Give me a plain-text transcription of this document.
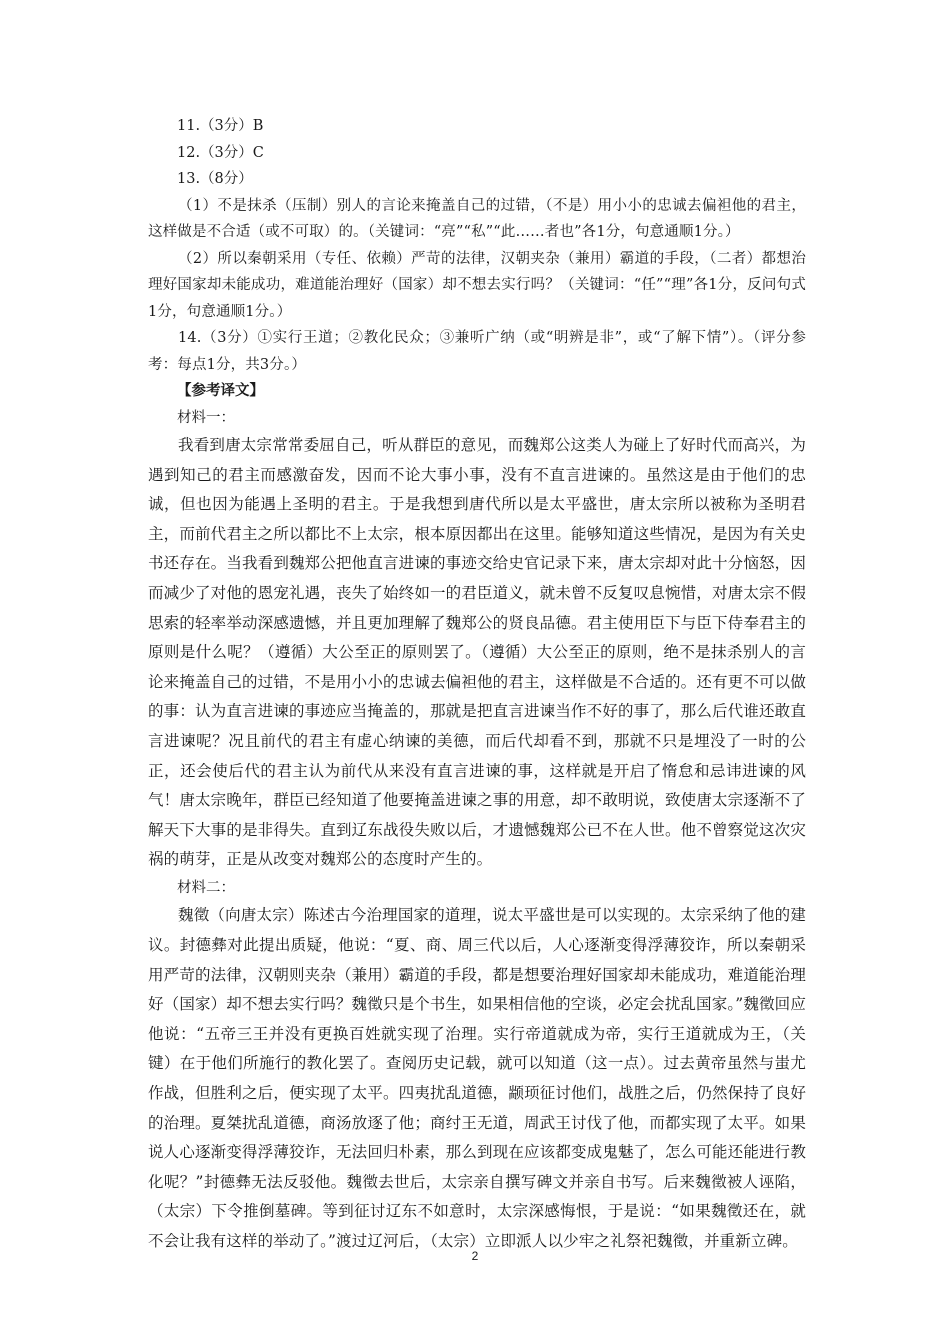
11.（3分）B

12.（3分）C

13.（8分）

（1）不是抹杀（压制）别人的言论来掩盖自己的过错，（不是）用小小的忠诚去偏袒他的君主，这样做是不合适（或不可取）的。（关键词：“亮”“私”“此……者也”各1分，句意通顺1分。）

（2）所以秦朝采用（专任、依赖）严苛的法律，汉朝夹杂（兼用）霸道的手段，（二者）都想治理好国家却未能成功，难道能治理好（国家）却不想去实行吗？（关键词：“任”“理”各1分，反问句式1分，句意通顺1分。）

14.（3分）①实行王道；②教化民众；③兼听广纳（或“明辨是非”，或“了解下情”）。（评分参考：每点1分，共3分。）

【参考译文】

材料一：

我看到唐太宗常常委屈自己，听从群臣的意见，而魏郑公这类人为碰上了好时代而高兴，为遇到知己的君主而感激奋发，因而不论大事小事，没有不直言进谏的。虽然这是由于他们的忠诚，但也因为能遇上圣明的君主。于是我想到唐代所以是太平盛世，唐太宗所以被称为圣明君主，而前代君主之所以都比不上太宗，根本原因都出在这里。能够知道这些情况，是因为有关史书还存在。当我看到魏郑公把他直言进谏的事迹交给史官记录下来，唐太宗却对此十分恼怒，因而减少了对他的恩宠礼遇，丧失了始终如一的君臣道义，就未曾不反复叹息惋惜，对唐太宗不假思索的轻率举动深感遗憾，并且更加理解了魏郑公的贤良品德。君主使用臣下与臣下侍奉君主的原则是什么呢？（遵循）大公至正的原则罢了。（遵循）大公至正的原则，绝不是抹杀别人的言论来掩盖自己的过错，不是用小小的忠诚去偏袒他的君主，这样做是不合适的。还有更不可以做的事：认为直言进谏的事迹应当掩盖的，那就是把直言进谏当作不好的事了，那么后代谁还敢直言进谏呢？况且前代的君主有虚心纳谏的美德，而后代却看不到，那就不只是埋没了一时的公正，还会使后代的君主认为前代从来没有直言进谏的事，这样就是开启了惰怠和忌讳进谏的风气！唐太宗晚年，群臣已经知道了他要掩盖进谏之事的用意，却不敢明说，致使唐太宗逐渐不了解天下大事的是非得失。直到辽东战役失败以后，才遗憾魏郑公已不在人世。他不曾察觉这次灾祸的萌芽，正是从改变对魏郑公的态度时产生的。

材料二：

魏徵（向唐太宗）陈述古今治理国家的道理，说太平盛世是可以实现的。太宗采纳了他的建议。封德彝对此提出质疑，他说：“夏、商、周三代以后，人心逐渐变得浮薄狡诈，所以秦朝采用严苛的法律，汉朝则夹杂（兼用）霸道的手段，都是想要治理好国家却未能成功，难道能治理好（国家）却不想去实行吗？魏徵只是个书生，如果相信他的空谈，必定会扰乱国家。”魏徵回应他说：“五帝三王并没有更换百姓就实现了治理。实行帝道就成为帝，实行王道就成为王，（关键）在于他们所施行的教化罢了。查阅历史记载，就可以知道（这一点）。过去黄帝虽然与蚩尤作战，但胜利之后，便实现了太平。四夷扰乱道德，颛顼征讨他们，战胜之后，仍然保持了良好的治理。夏桀扰乱道德，商汤放逐了他；商纣王无道，周武王讨伐了他，而都实现了太平。如果说人心逐渐变得浮薄狡诈，无法回归朴素，那么到现在应该都变成鬼魅了，怎么可能还能进行教化呢？”封德彝无法反驳他。魏徵去世后，太宗亲自撰写碑文并亲自书写。后来魏徵被人诬陷，（太宗）下令推倒墓碑。等到征讨辽东不如意时，太宗深感悔恨，于是说：“如果魏徵还在，就不会让我有这样的举动了。”渡过辽河后，（太宗）立即派人以少牢之礼祭祀魏徵，并重新立碑。

2
